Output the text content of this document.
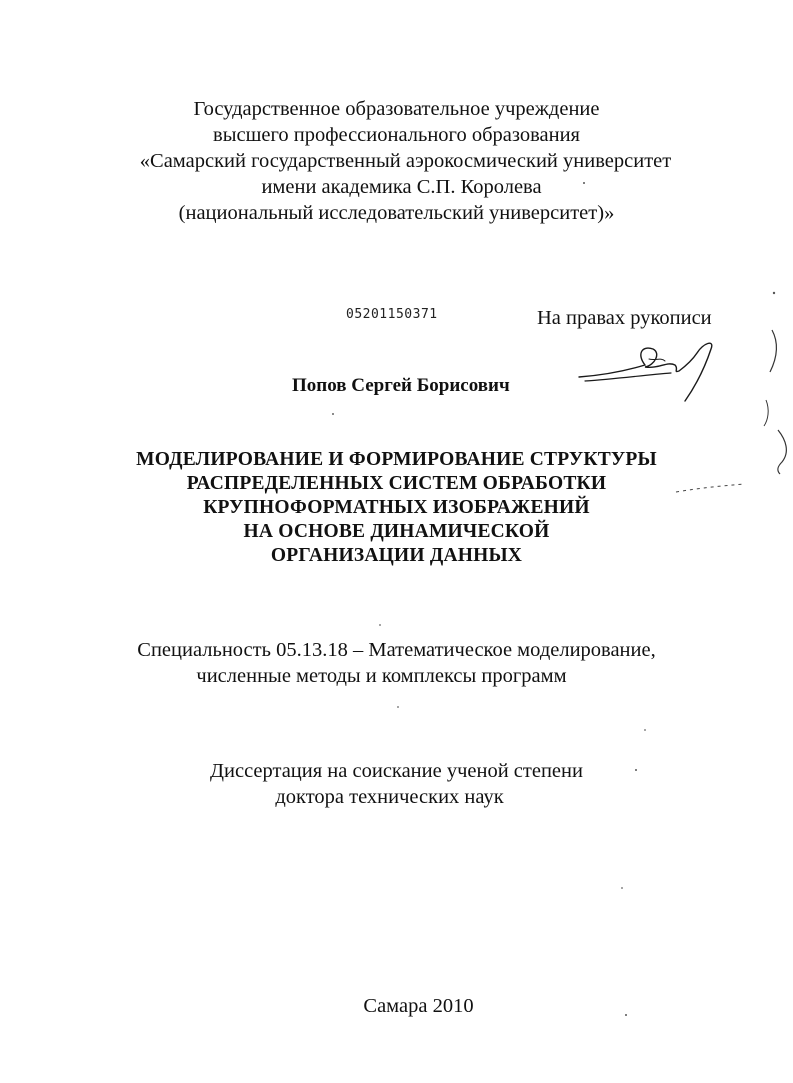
Государственное образовательное учреждение
высшего профессионального образования
«Самарский государственный аэрокосмический университет
имени академика С.П. Королева
(национальный исследовательский университет)»
05201150371	На правах рукописи
Попов Сергей Борисович
МОДЕЛИРОВАНИЕ И ФОРМИРОВАНИЕ СТРУКТУРЫ
РАСПРЕДЕЛЕННЫХ СИСТЕМ ОБРАБОТКИ
КРУПНОФОРМАТНЫХ ИЗОБРАЖЕНИЙ
НА ОСНОВЕ ДИНАМИЧЕСКОЙ
ОРГАНИЗАЦИИ ДАННЫХ
Специальность 05.13.18 – Математическое моделирование,
численные методы и комплексы программ
Диссертация на соискание ученой степени
доктора технических наук
Самара 2010
